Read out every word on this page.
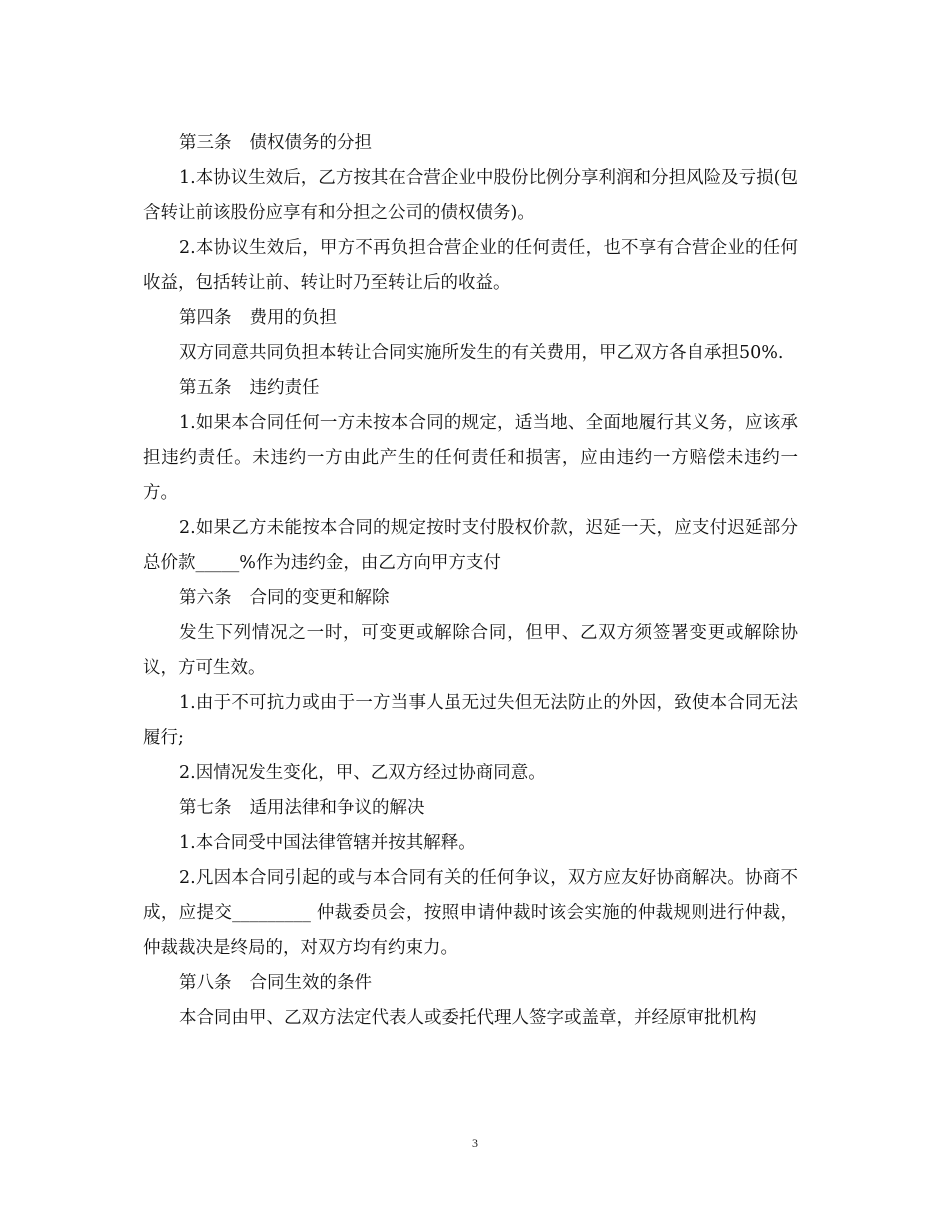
第三条 债权债务的分担

1.本协议生效后，乙方按其在合营企业中股份比例分享利润和分担风险及亏损(包含转让前该股份应享有和分担之公司的债权债务)。

2.本协议生效后，甲方不再负担合营企业的任何责任，也不享有合营企业的任何收益，包括转让前、转让时乃至转让后的收益。

第四条 费用的负担

双方同意共同负担本转让合同实施所发生的有关费用，甲乙双方各自承担50%.

第五条 违约责任

1.如果本合同任何一方未按本合同的规定，适当地、全面地履行其义务，应该承担违约责任。未违约一方由此产生的任何责任和损害，应由违约一方赔偿未违约一方。

2.如果乙方未能按本合同的规定按时支付股权价款，迟延一天，应支付迟延部分总价款_____%作为违约金，由乙方向甲方支付

第六条 合同的变更和解除

发生下列情况之一时，可变更或解除合同，但甲、乙双方须签署变更或解除协议，方可生效。

1.由于不可抗力或由于一方当事人虽无过失但无法防止的外因，致使本合同无法履行;

2.因情况发生变化，甲、乙双方经过协商同意。

第七条 适用法律和争议的解决

1.本合同受中国法律管辖并按其解释。

2.凡因本合同引起的或与本合同有关的任何争议，双方应友好协商解决。协商不成，应提交_________ 仲裁委员会，按照申请仲裁时该会实施的仲裁规则进行仲裁，仲裁裁决是终局的，对双方均有约束力。

第八条 合同生效的条件

本合同由甲、乙双方法定代表人或委托代理人签字或盖章，并经原审批机构

3
